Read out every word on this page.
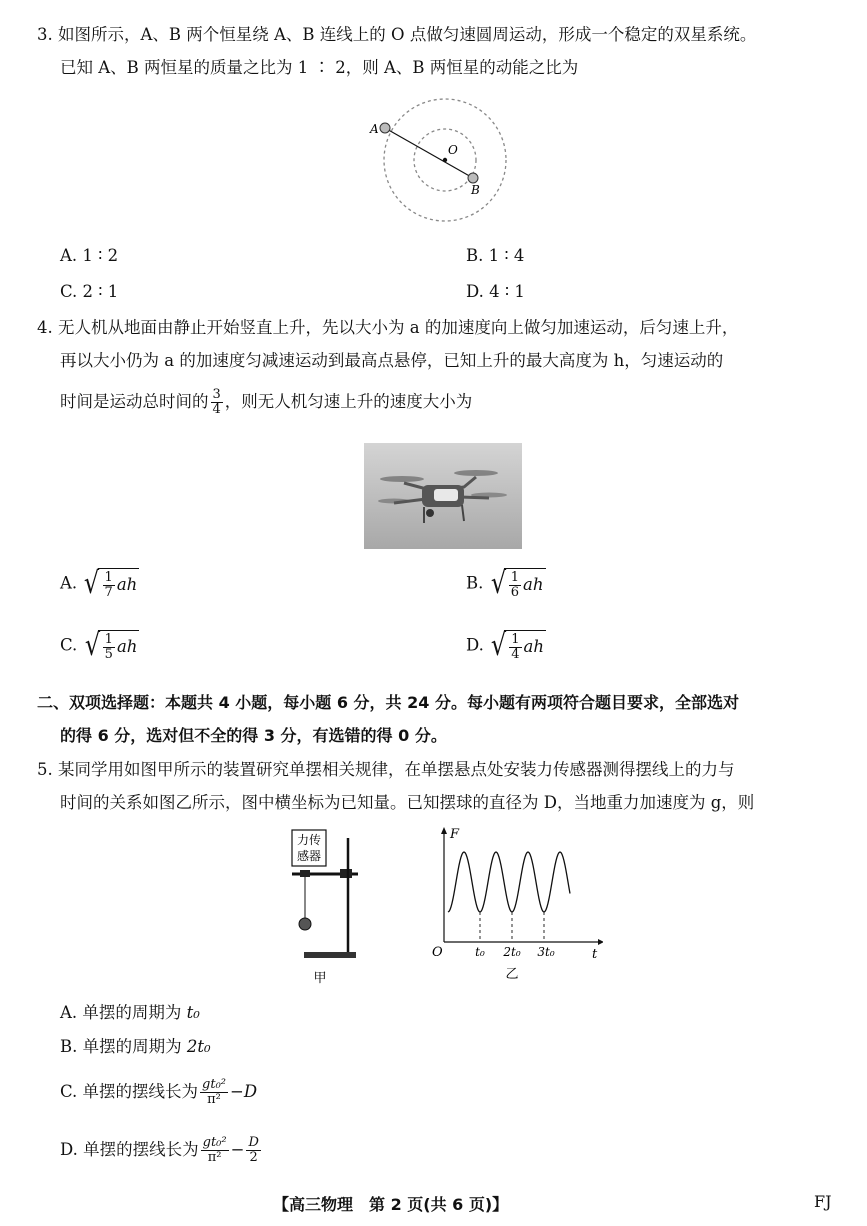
3. 如图所示，A、B 两个恒星绕 A、B 连线上的 O 点做匀速圆周运动，形成一个稳定的双星系统。
已知 A、B 两恒星的质量之比为 1 ∶ 2，则 A、B 两恒星的动能之比为
A
B
O
A. 1 ∶ 2	B. 1 ∶ 4
C. 2 ∶ 1	D. 4 ∶ 1
4. 无人机从地面由静止开始竖直上升，先以大小为 a 的加速度向上做匀加速运动，后匀速上升，
再以大小仍为 a 的加速度匀减速运动到最高点悬停，已知上升的最大高度为 h，匀速运动的
时间是运动总时间的 $\frac{3}{4}$ ，则无人机匀速上升的速度大小为
A. √ $\frac{1}{7}$ ah	B. √ $\frac{1}{6}$ ah
C. √ $\frac{1}{5}$ ah	D. √ $\frac{1}{4}$ ah
二、双项选择题：本题共 4 小题，每小题 6 分，共 24 分。每小题有两项符合题目要求，全部选对
的得 6 分，选对但不全的得 3 分，有选错的得 0 分。
5. 某同学用如图甲所示的装置研究单摆相关规律，在单摆悬点处安装力传感器测得摆线上的力与
时间的关系如图乙所示，图中横坐标为已知量。已知摆球的直径为 D，当地重力加速度为 g，则
力传
感器
甲
F
t
O	t₀ 2t₀ 3t₀
乙
A. 单摆的周期为 t₀
B. 单摆的周期为 2t₀
C. 单摆的摆线长为 $\frac{\text{gt₀²}}{\text{π²}} -D$
D. 单摆的摆线长为 $\frac{\text{gt₀²}}{\text{π²}} - \frac{D}{2}$
【高三物理　第 2 页(共 6 页)】	FJ
